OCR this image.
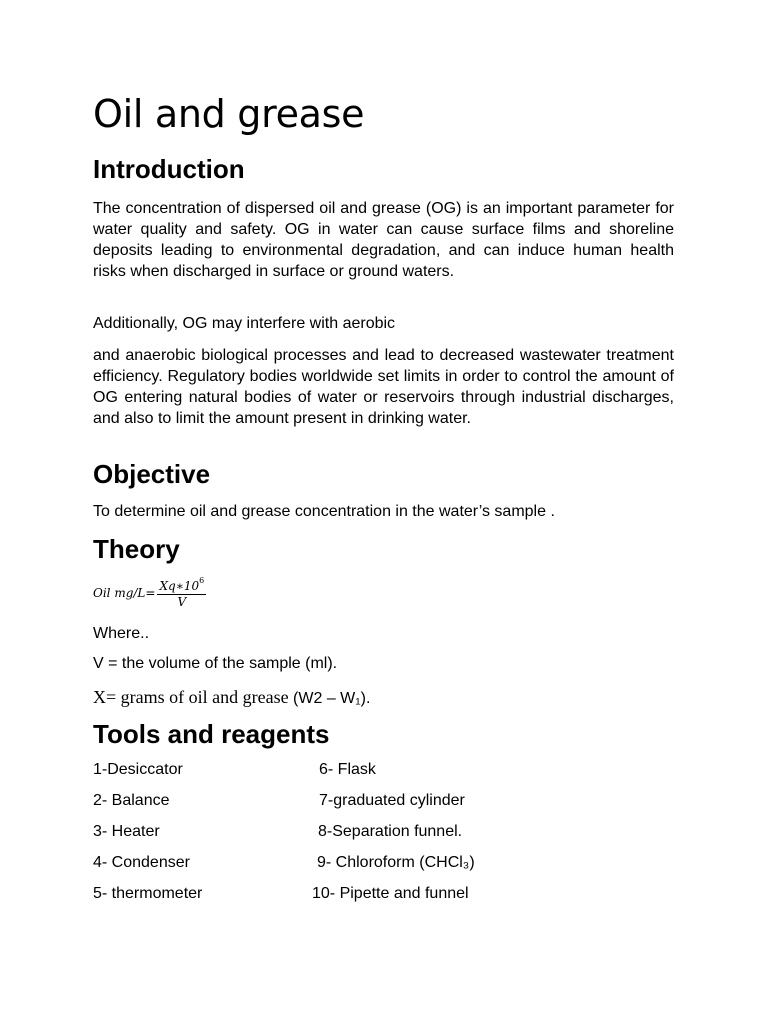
Oil and grease
Introduction

The concentration of dispersed oil and grease (OG) is an important parameter for water quality and safety. OG in water can cause surface films and shoreline deposits leading to environmental degradation, and can induce human health risks when discharged in surface or ground waters.

Additionally, OG may interfere with aerobic

and anaerobic biological processes and lead to decreased wastewater treatment efficiency. Regulatory bodies worldwide set limits in order to control the amount of OG entering natural bodies of water or reservoirs through industrial discharges, and also to limit the amount present in drinking water.

Objective

To determine oil and grease concentration in the water’s sample .

Theory
Oil $mg/L= \frac{Xq∗10^6}{V}$

Where..

V = the volume of the sample (ml).

X= grams of oil and grease (W2 – W₁).

Tools and reagents
1-Desiccator	6- Flask
2- Balance	7-graduated cylinder
3- Heater	8-Separation funnel.
4- Condenser	9- Chloroform (CHCl₃)
5- thermometer	10- Pipette and funnel
